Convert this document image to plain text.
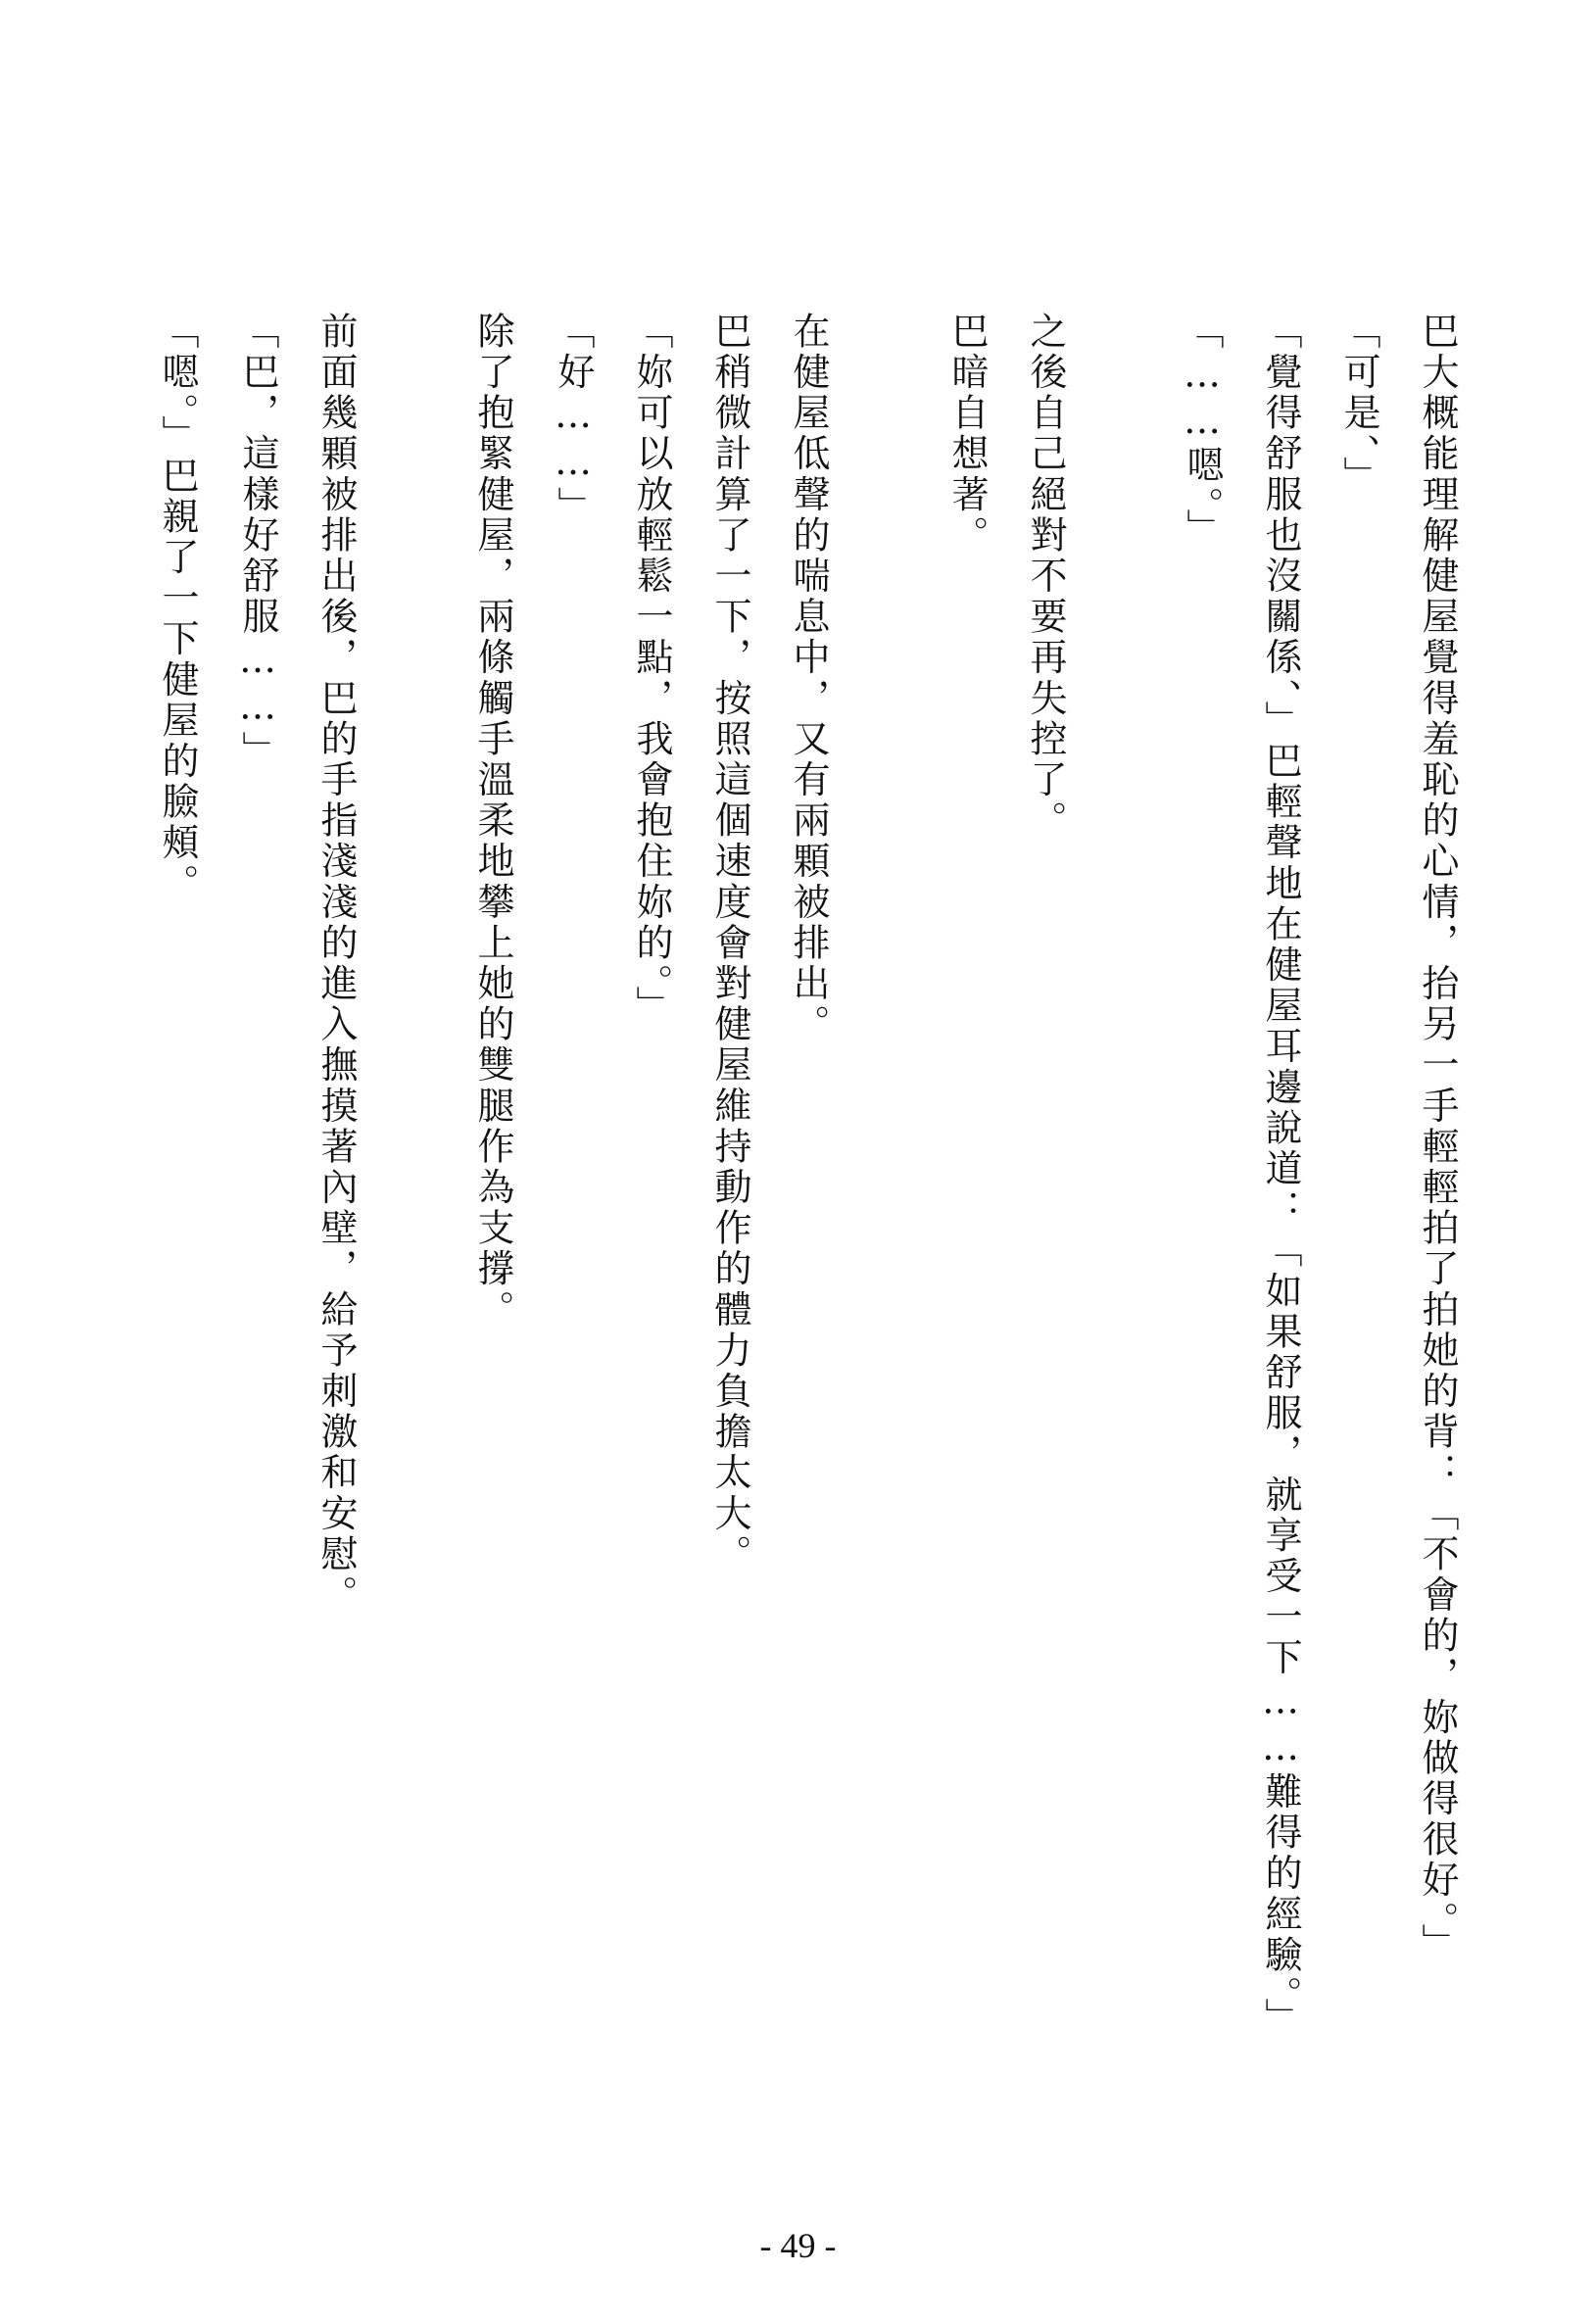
巴大概能理解健屋覺得羞恥的心情，抬另一手輕輕拍了拍她的背：「不會的，妳做得很好。」
「可是、」
「覺得舒服也沒關係、」巴輕聲地在健屋耳邊說道：「如果舒服，就享受一下……難得的經驗。」
「……嗯。」
之後自己絕對不要再失控了。
巴暗自想著。
在健屋低聲的喘息中，又有兩顆被排出。
巴稍微計算了一下，按照這個速度會對健屋維持動作的體力負擔太大。
「妳可以放輕鬆一點，我會抱住妳的。」
「好……」
除了抱緊健屋，兩條觸手溫柔地攀上她的雙腿作為支撐。
前面幾顆被排出後，巴的手指淺淺的進入撫摸著內壁，給予刺激和安慰。
「巴，這樣好舒服……」
「嗯。」巴親了一下健屋的臉頰。
- 49 -
